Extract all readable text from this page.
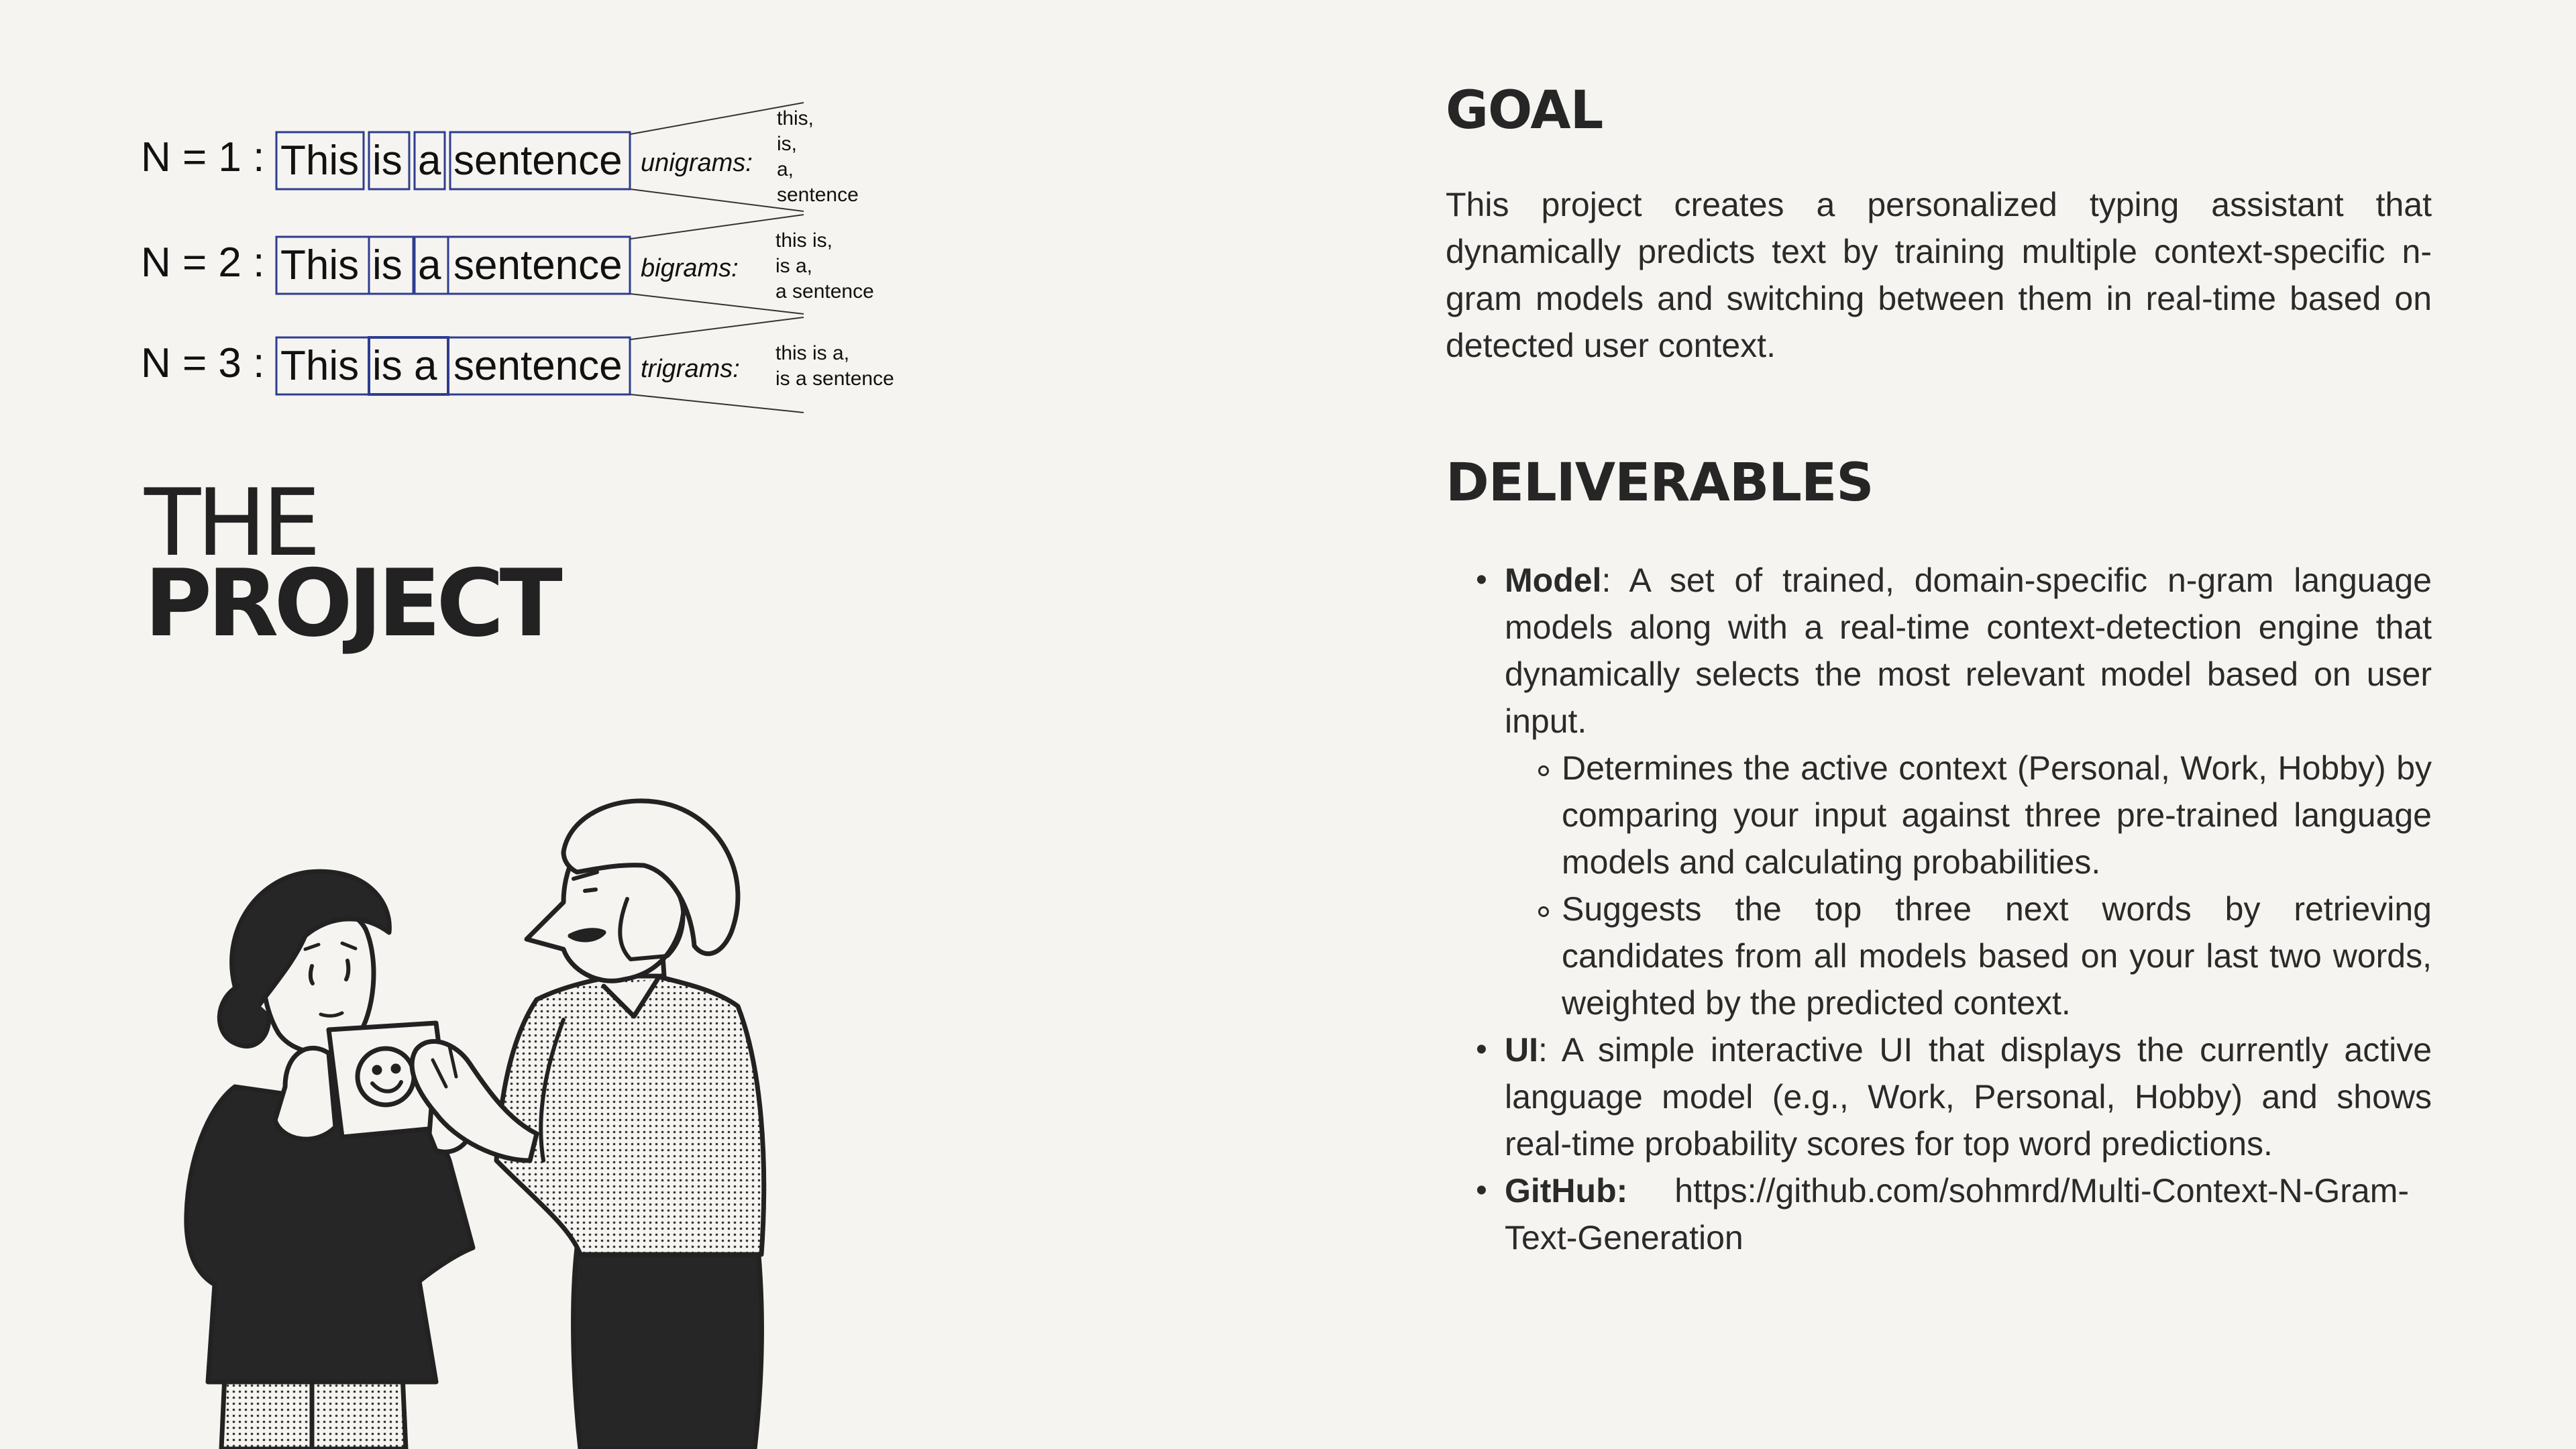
N = 1 : This is a sentence unigrams:
this,
is,
a,
sentence
N = 2 : This is a sentence bigrams:
this is,
is a,
a sentence
N = 3 : This is a sentence trigrams:
this is a,
is a sentence
THE
PROJECT
GOAL

This project creates a personalized typing assistant that dynamically predicts text by training multiple context-specific n-gram models and switching between them in real-time based on detected user context.

DELIVERABLES
• Model: A set of trained, domain-specific n-gram language models along with a real-time context-detection engine that dynamically selects the most relevant model based on user input.
Determines the active context (Personal, Work, Hobby) by comparing your input against three pre-trained language models and calculating probabilities.
Suggests the top three next words by retrieving candidates from all models based on your last two words, weighted by the predicted context.
• UI: A simple interactive UI that displays the currently active language model (e.g., Work, Personal, Hobby) and shows real-time probability scores for top word predictions.
• GitHub: https://github.com/sohmrd/Multi-Context-N-Gram-Text-Generation
